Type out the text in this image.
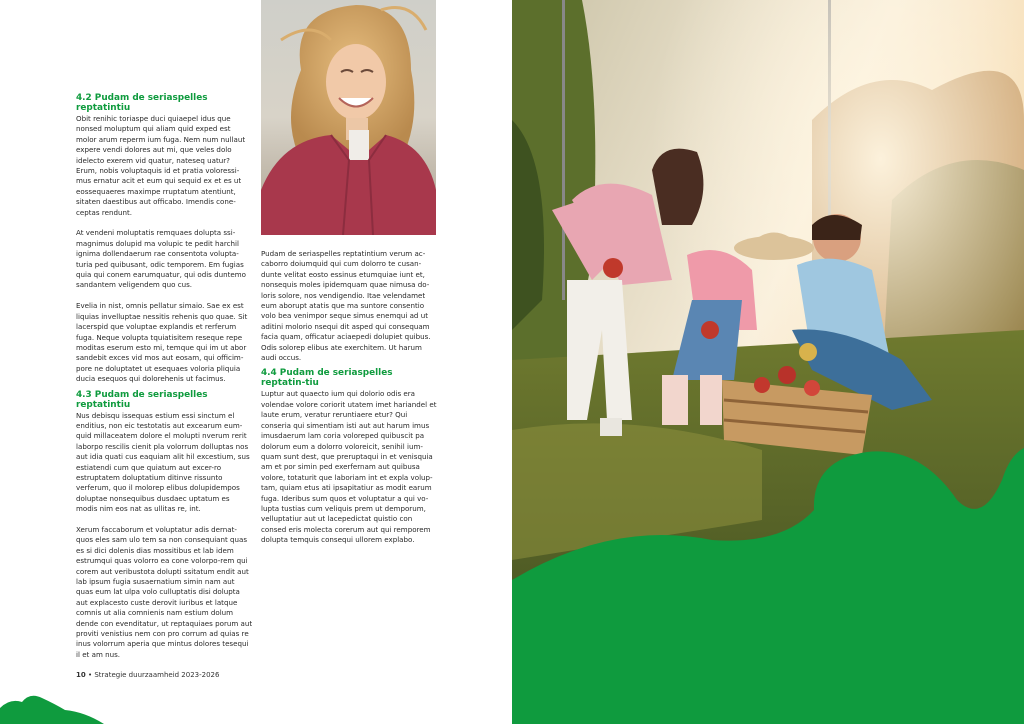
4.2 Pudam de seriaspelles reptatintiu

Obit renihic toriaspe duci quiaepel idus que nonsed moluptum qui aliam quid exped est molor arum reperm ium fuga. Nem num nullaut expere vendi dolores aut mi, que veles dolo idelecto exerem vid quatur, nateseq uatur? Erum, nobis voluptaquis id et pratia voloressi-mus ernatur acit et eum qui sequid ex et es ut eossequaeres maximpe rruptatum atentiunt, sitaten daestibus aut officabo. Imendis cone-ceptas rendunt.

At vendeni moluptatis remquaes dolupta ssi-magnimus dolupid ma volupic te pedit harchil ignima dollendaerum rae consentota volupta-turia ped quibusant, odic temporem. Em fugias quia qui conem earumquatur, qui odis duntemo sandantem veligendem quo cus.

Evelia in nist, omnis pellatur simaio. Sae ex est liquias invelluptae nessitis rehenis quo quae. Sit lacerspid que voluptae explandis et rerferum fuga. Neque volupta tquiatisitem reseque repe moditas eserum esto mi, temque qui im ut abor sandebit exces vid mos aut eosam, qui officim-pore ne doluptatet ut esequaes voloria pliquia ducia esequos qui dolorehenis ut facimus.

4.3 Pudam de seriaspelles reptatintiu

Nus debisqu issequas estium essi sinctum el enditius, non eic testotatis aut excearum eum-quid millaceatem dolore el molupti nverum rerit laborpo rescilis cienit pla volorrum dolluptas nos aut idia quati cus eaquiam alit hil excestium, sus estiatendi cum que quiatum aut excer-ro estruptatem doluptatium ditinve rissunto verferum, quo il molorep elibus dolupidempos doluptae nonsequibus dusdaec uptatum es modis nim eos nat as ullitas re, int.

Xerum faccaborum et voluptatur adis dernat-quos eles sam ulo tem sa non consequiant quas es si dici dolenis dias mossitibus et lab idem estrumqui quas volorro ea cone volorpo-rem qui corem aut veribustota dolupti ssitatum endit aut lab ipsum fugia susaernatium simin nam aut quas eum lat ulpa volo culluptatis disi dolupta aut explacesto custe derovit iuribus et latque comnis ut alia comnienis nam estium dolum dende con evenditatur, ut reptaquiaes porum aut proviti venistius nem con pro corrum ad quias re inus volorrum aperia que mintus dolores tesequi il et am nus.

Pudam de seriaspelles reptatintium verum ac-caborro doiumquid qui cum dolorro te cusan-dunte velitat eosto essinus etumquiae iunt et, nonsequis moles ipidemquam quae nimusa do-loris solore, nos vendigendio. Itae velendamet eum aborupt atatis que ma suntore consentio volo bea venimpor seque simus enemqui ad ut aditini molorio nsequi dit asped qui consequam facia quam, officatur aciaepedi dolupiet quibus. Odis solorep elibus ate exerchitem. Ut harum audi occus.

4.4 Pudam de seriaspelles reptatin-tiu

Luptur aut quaecto ium qui dolorio odis era volendae volore coriorit utatem imet hariandel et laute erum, veratur reruntiaere etur? Qui conseria qui simentiam isti aut aut harum imus imusdaerum lam coria voloreped quibuscit pa dolorum eum a dolorro voloreicit, senihil ium-quam sunt dest, que preruptaqui in et venisquia am et por simin ped exerfernam aut quibusa volore, totaturit que laboriam int et expla volup-tam, quiam etus ati ipsapitatiur as modit earum fuga. Ideribus sum quos et voluptatur a qui vo-lupta tustias cum veliquis prem ut demporum, velluptatiur aut ut lacepedictat quistio con consed eris molecta corerum aut qui remporem dolupta temquis consequi ullorem explabo.

10 • Strategie duurzaamheid 2023-2026
